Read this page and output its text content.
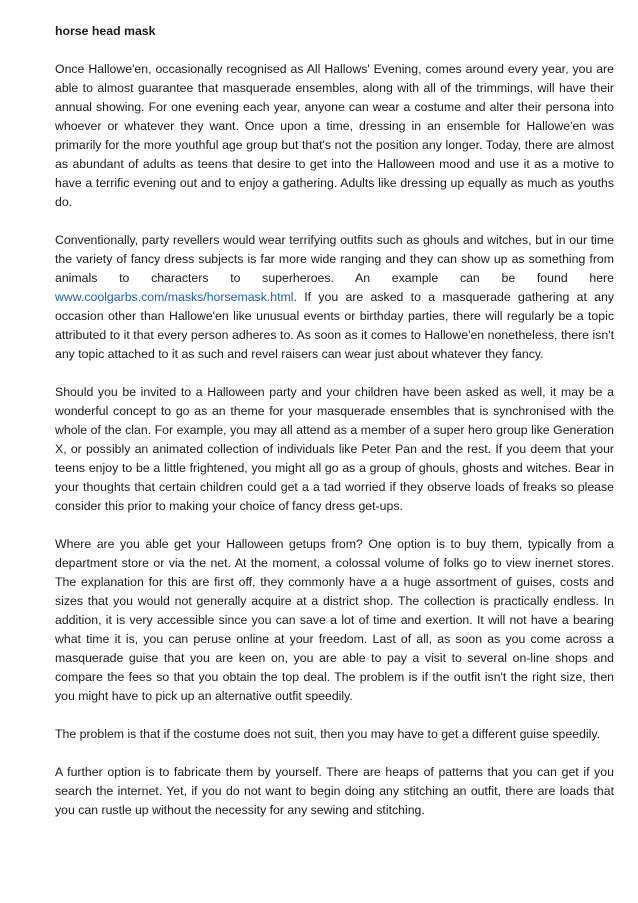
horse head mask

Once Hallowe'en, occasionally recognised as All Hallows' Evening, comes around every year, you are able to almost guarantee that masquerade ensembles, along with all of the trimmings, will have their annual showing. For one evening each year, anyone can wear a costume and alter their persona into whoever or whatever they want. Once upon a time, dressing in an ensemble for Hallowe'en was primarily for the more youthful age group but that's not the position any longer. Today, there are almost as abundant of adults as teens that desire to get into the Halloween mood and use it as a motive to have a terrific evening out and to enjoy a gathering. Adults like dressing up equally as much as youths do.

Conventionally, party revellers would wear terrifying outfits such as ghouls and witches, but in our time the variety of fancy dress subjects is far more wide ranging and they can show up as something from animals to characters to superheroes. An example can be found here www.coolgarbs.com/masks/horsemask.html. If you are asked to a masquerade gathering at any occasion other than Hallowe'en like unusual events or birthday parties, there will regularly be a topic attributed to it that every person adheres to. As soon as it comes to Hallowe'en nonetheless, there isn't any topic attached to it as such and revel raisers can wear just about whatever they fancy.

Should you be invited to a Halloween party and your children have been asked as well, it may be a wonderful concept to go as an theme for your masquerade ensembles that is synchronised with the whole of the clan. For example, you may all attend as a member of a super hero group like Generation X, or possibly an animated collection of individuals like Peter Pan and the rest. If you deem that your teens enjoy to be a little frightened, you might all go as a group of ghouls, ghosts and witches. Bear in your thoughts that certain children could get a a tad worried if they observe loads of freaks so please consider this prior to making your choice of fancy dress get-ups.

Where are you able get your Halloween getups from? One option is to buy them, typically from a department store or via the net. At the moment, a colossal volume of folks go to view inernet stores. The explanation for this are first off, they commonly have a a huge assortment of guises, costs and sizes that you would not generally acquire at a district shop. The collection is practically endless. In addition, it is very accessible since you can save a lot of time and exertion. It will not have a bearing what time it is, you can peruse online at your freedom. Last of all, as soon as you come across a masquerade guise that you are keen on, you are able to pay a visit to several on-line shops and compare the fees so that you obtain the top deal. The problem is if the outfit isn't the right size, then you might have to pick up an alternative outfit speedily.

The problem is that if the costume does not suit, then you may have to get a different guise speedily.

A further option is to fabricate them by yourself. There are heaps of patterns that you can get if you search the internet. Yet, if you do not want to begin doing any stitching an outfit, there are loads that you can rustle up without the necessity for any sewing and stitching.
